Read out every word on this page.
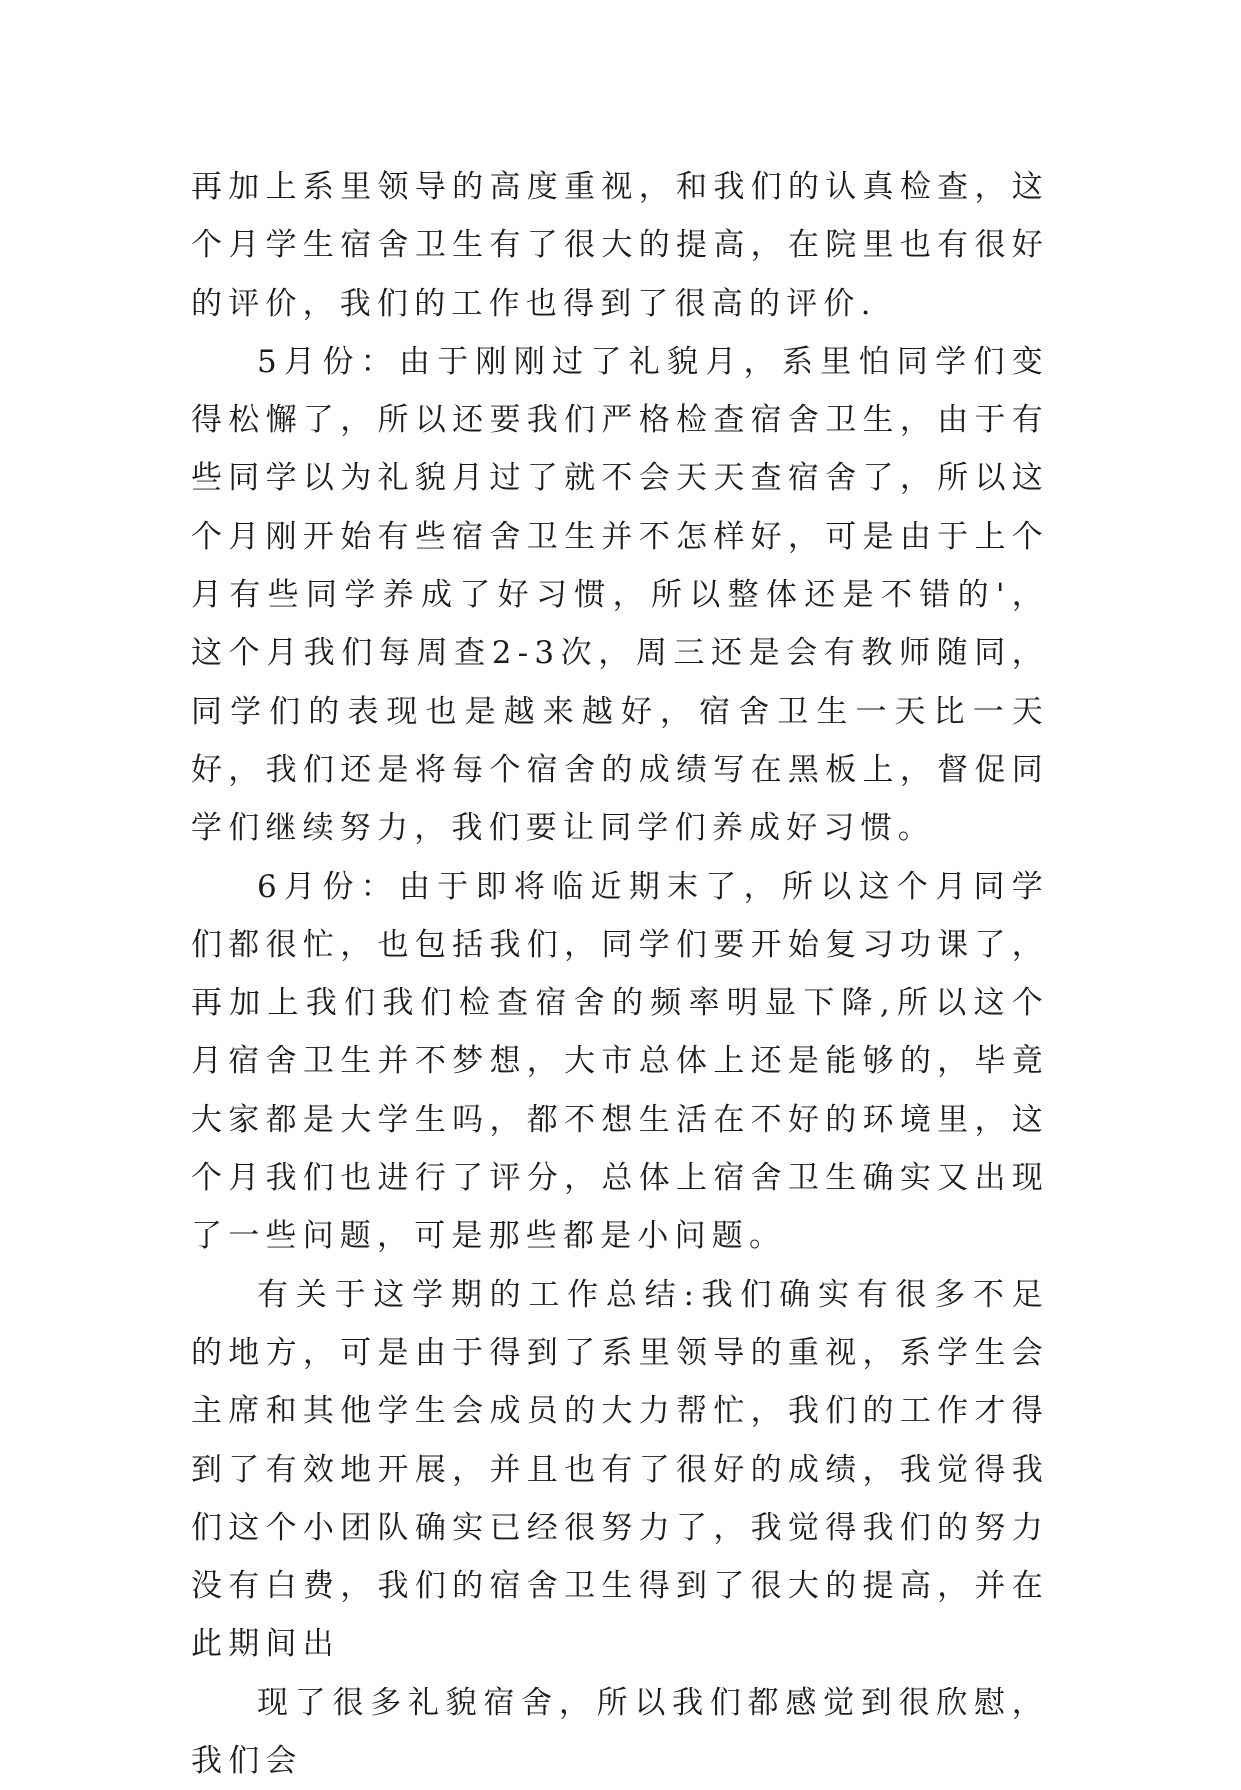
再加上系里领导的高度重视，和我们的认真检查，这个月学生宿舍卫生有了很大的提高，在院里也有很好的评价，我们的工作也得到了很高的评价.

5月份：由于刚刚过了礼貌月，系里怕同学们变得松懈了，所以还要我们严格检查宿舍卫生，由于有些同学以为礼貌月过了就不会天天查宿舍了，所以这个月刚开始有些宿舍卫生并不怎样好，可是由于上个月有些同学养成了好习惯，所以整体还是不错的'，这个月我们每周查2-3次，周三还是会有教师随同，同学们的表现也是越来越好，宿舍卫生一天比一天好，我们还是将每个宿舍的成绩写在黑板上，督促同学们继续努力，我们要让同学们养成好习惯。

6月份：由于即将临近期末了，所以这个月同学们都很忙，也包括我们，同学们要开始复习功课了，再加上我们我们检查宿舍的频率明显下降,所以这个月宿舍卫生并不梦想，大市总体上还是能够的，毕竟大家都是大学生吗，都不想生活在不好的环境里，这个月我们也进行了评分，总体上宿舍卫生确实又出现了一些问题，可是那些都是小问题。

有关于这学期的工作总结:我们确实有很多不足的地方，可是由于得到了系里领导的重视，系学生会主席和其他学生会成员的大力帮忙，我们的工作才得到了有效地开展，并且也有了很好的成绩，我觉得我们这个小团队确实已经很努力了，我觉得我们的努力没有白费，我们的宿舍卫生得到了很大的提高，并在此期间出

现了很多礼貌宿舍，所以我们都感觉到很欣慰，我们会
